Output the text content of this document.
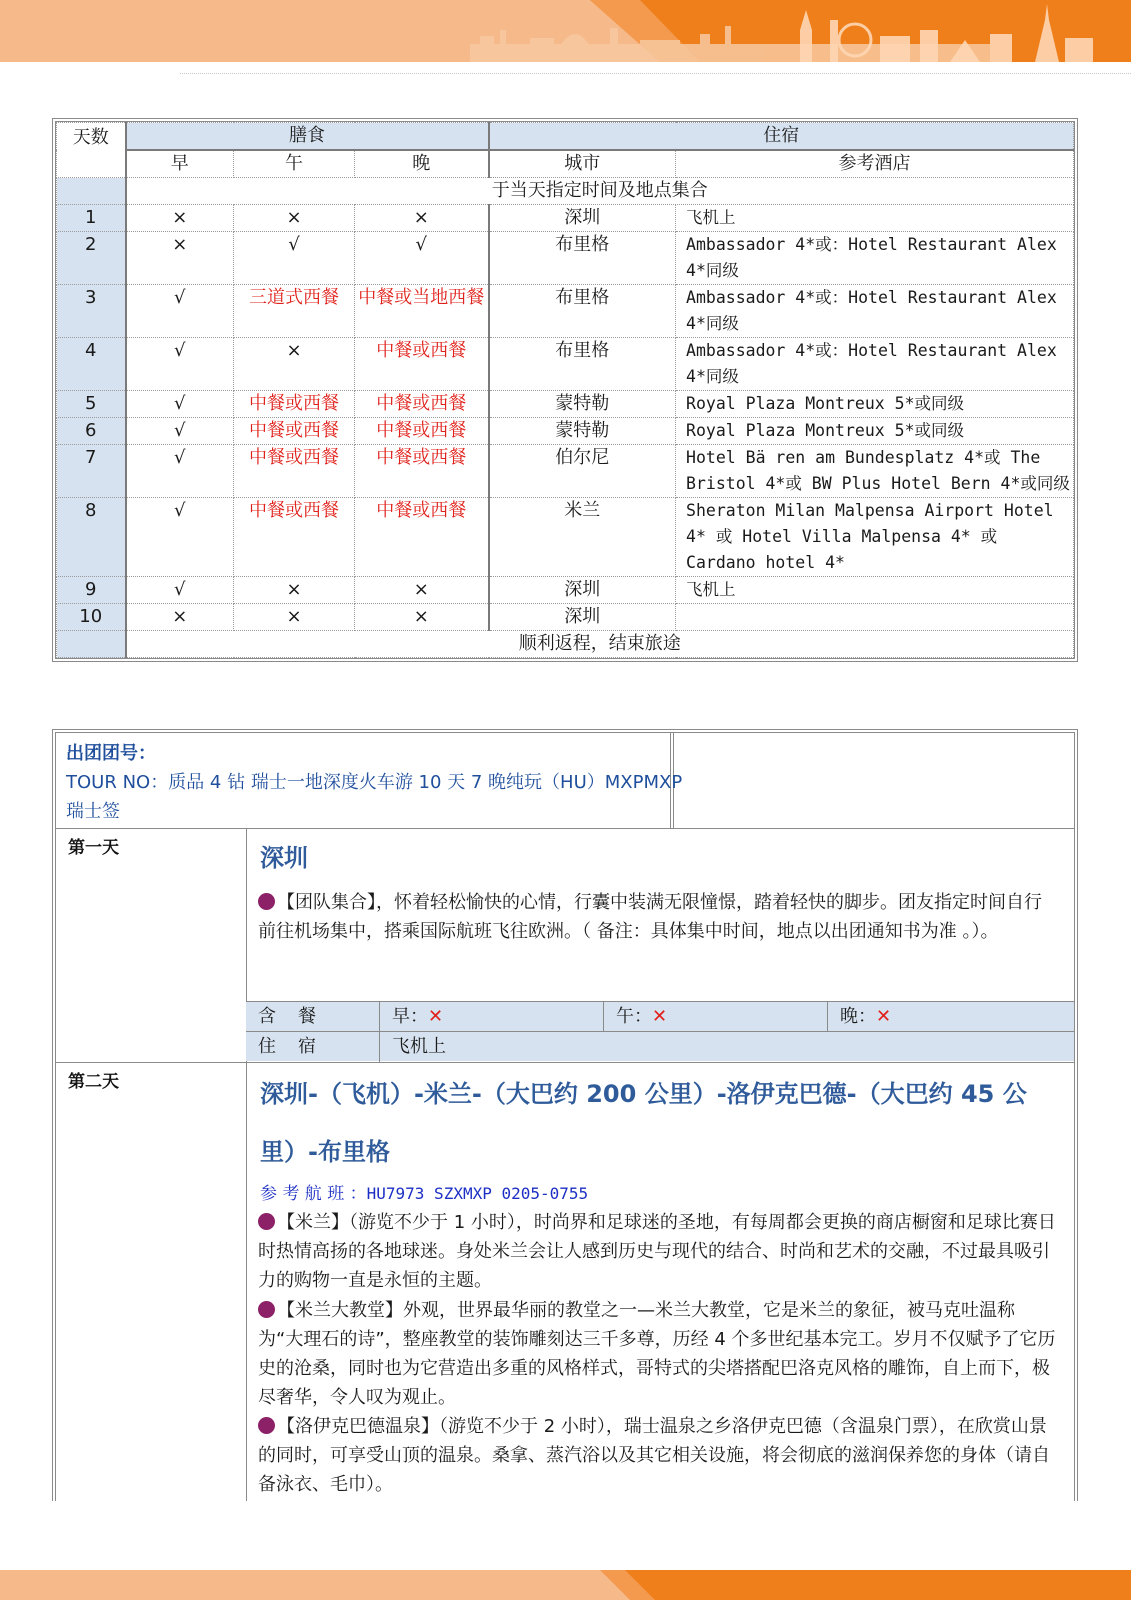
天数	膳食			住宿	
	早	午	晚	城市	参考酒店
	于当天指定时间及地点集合				
1	×	×	×	深圳	飞机上
2	×	√	√	布里格	Ambassador 4*或：Hotel Restaurant Alex 4*同级
3	√	三道式西餐	中餐或当地西餐	布里格	Ambassador 4*或：Hotel Restaurant Alex 4*同级
4	√	×	中餐或西餐	布里格	Ambassador 4*或：Hotel Restaurant Alex 4*同级
5	√	中餐或西餐	中餐或西餐	蒙特勒	Royal Plaza Montreux 5*或同级
6	√	中餐或西餐	中餐或西餐	蒙特勒	Royal Plaza Montreux 5*或同级
7	√	中餐或西餐	中餐或西餐	伯尔尼	Hotel Bä ren am Bundesplatz 4*或 The Bristol 4*或 BW Plus Hotel Bern 4*或同级
8	√	中餐或西餐	中餐或西餐	米兰	Sheraton Milan Malpensa Airport Hotel 4* 或 Hotel Villa Malpensa 4* 或 Cardano hotel 4*
9	√	×	×	深圳	飞机上
10	×	×	×	深圳	
	顺利返程，结束旅途				
出团团号：
TOUR NO：质品 4 钻 瑞士一地深度火车游 10 天 7 晚纯玩（HU）MXPMXP
瑞士签
第一天	深圳
【团队集合】，怀着轻松愉快的心情，行囊中装满无限憧憬，踏着轻快的脚步。团友指定时间自行前往机场集中，搭乘国际航班飞往欧洲。（ 备注：具体集中时间，地点以出团通知书为准 。）。
含　餐	早：✕	午：✕	晚：✕
住　宿	飞机上
第二天	深圳-（飞机）-米兰-（大巴约 200 公里）-洛伊克巴德-（大巴约 45 公里）-布里格
参 考 航 班 ：HU7973 SZXMXP 0205-0755
【米兰】（游览不少于 1 小时），时尚界和足球迷的圣地，有每周都会更换的商店橱窗和足球比赛日时热情高扬的各地球迷。身处米兰会让人感到历史与现代的结合、时尚和艺术的交融，不过最具吸引力的购物一直是永恒的主题。
【米兰大教堂】外观，世界最华丽的教堂之一—米兰大教堂，它是米兰的象征，被马克吐温称为“大理石的诗”，整座教堂的装饰雕刻达三千多尊，历经 4 个多世纪基本完工。岁月不仅赋予了它历史的沧桑，同时也为它营造出多重的风格样式，哥特式的尖塔搭配巴洛克风格的雕饰，自上而下，极尽奢华，令人叹为观止。
【洛伊克巴德温泉】（游览不少于 2 小时），瑞士温泉之乡洛伊克巴德（含温泉门票），在欣赏山景的同时，可享受山顶的温泉。桑拿、蒸汽浴以及其它相关设施，将会彻底的滋润保养您的身体（请自备泳衣、毛巾）。
